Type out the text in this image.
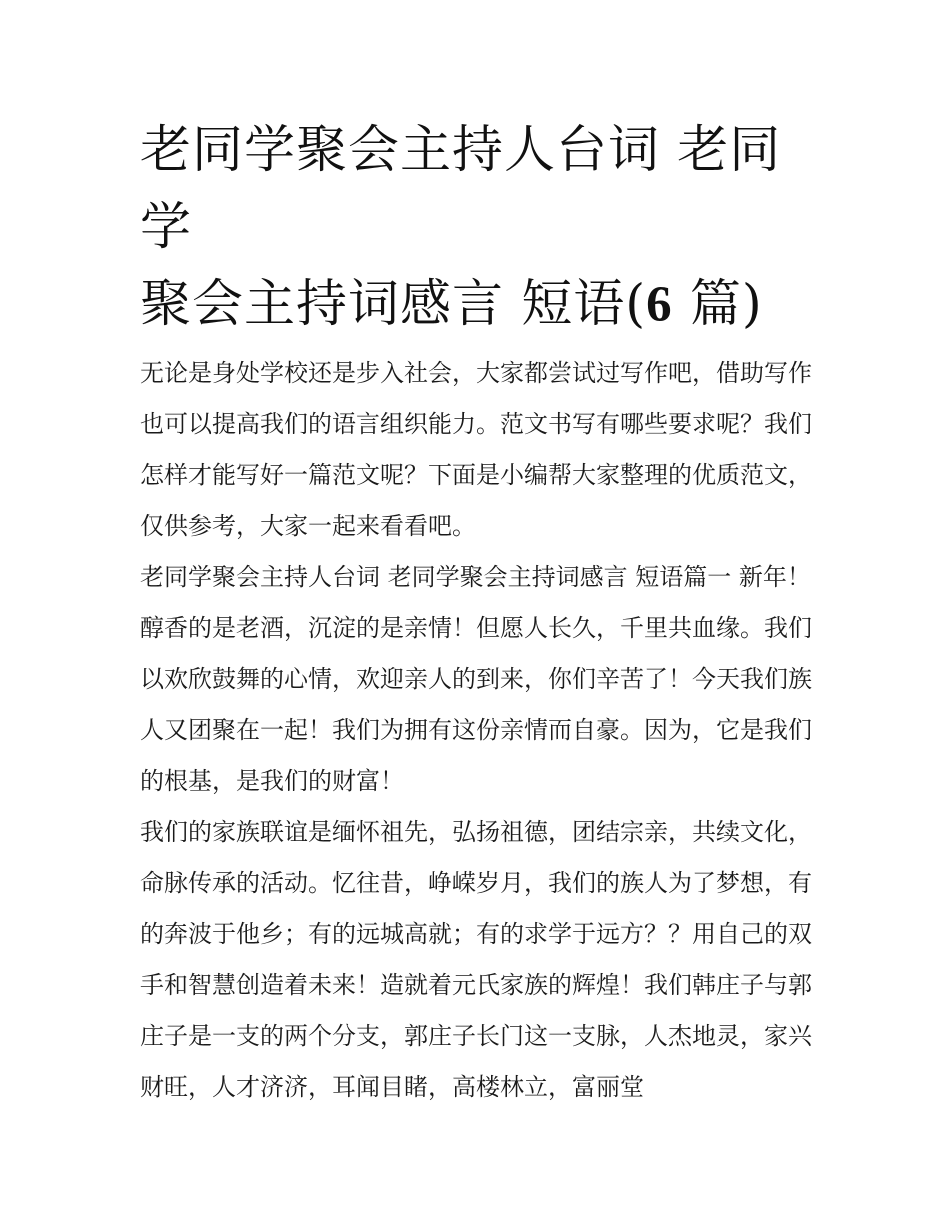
老同学聚会主持人台词 老同学
聚会主持词感言 短语(6 篇)

无论是身处学校还是步入社会，大家都尝试过写作吧，借助写作也可以提高我们的语言组织能力。范文书写有哪些要求呢？我们怎样才能写好一篇范文呢？下面是小编帮大家整理的优质范文，仅供参考，大家一起来看看吧。

老同学聚会主持人台词 老同学聚会主持词感言 短语篇一 新年！

醇香的是老酒，沉淀的是亲情！但愿人长久，千里共血缘。我们以欢欣鼓舞的心情，欢迎亲人的到来，你们辛苦了！今天我们族人又团聚在一起！我们为拥有这份亲情而自豪。因为，它是我们的根基，是我们的财富！

我们的家族联谊是缅怀祖先，弘扬祖德，团结宗亲，共续文化，命脉传承的活动。忆往昔，峥嵘岁月，我们的族人为了梦想，有的奔波于他乡；有的远城高就；有的求学于远方？？用自己的双手和智慧创造着未来！造就着元氏家族的辉煌！我们韩庄子与郭庄子是一支的两个分支，郭庄子长门这一支脉，人杰地灵，家兴财旺，人才济济，耳闻目睹，高楼林立，富丽堂
